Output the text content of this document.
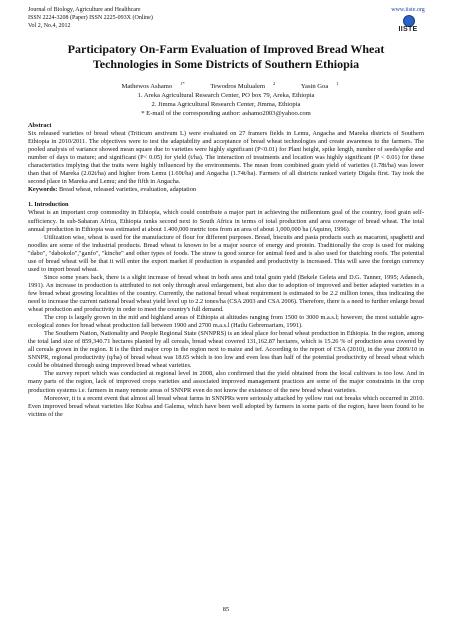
Journal of Biology, Agriculture and Healthcare
ISSN 2224-3208 (Paper) ISSN 2225-093X (Online)
Vol 2, No.4, 2012
www.iiste.org
IISTE
Participatory On-Farm Evaluation of Improved Bread Wheat Technologies in Some Districts of Southern Ethiopia
Mathewos Ashamo $^{1*}$	Tewodros Mulualem $^2$	Yasin Goa $^1$
1. Areka Agricultural Research Center, PO box 79, Areka, Ethiopia
2. Jimma Agricultural Research Center, Jimma, Ethiopia
* E-mail of the corresponding author: ashamo2003@yahoo.com

Abstract

Six released varieties of bread wheat (Triticum aestivum L) were evaluated on 27 framers fields in Lemu, Angacha and Mareka districts of Southern Ethiopia in 2010/2011. The objectives were to test the adaptability and acceptance of bread wheat technologies and create awareness to the farmers. The pooled analysis of variance showed mean square due to varieties were highly significant (P<0.01) for Plant height, spike length, number of seeds/spike and number of days to mature; and significant (P< 0.05) for yield (t/ha). The interaction of treatments and location was highly significant (P < 0.01) for these characteristics implying that the traits were highly influenced by the environments. The mean from combined grain yield of varieties (1.78t/ha) was lower than that of Mareka (2.02t/ha) and higher from Lemu (1.69t/ha) and Angacha (1.74t/ha). Farmers of all districts ranked variety Digalu first. Tay took the second place in Mareka and Lemu; and the fifth in Angacha.

Keywords: Bread wheat, released varieties, evaluation, adaptation

1. Introduction

Wheat is an important crop commodity in Ethiopia, which could contribute a major part in achieving the millennium goal of the country, food grain self-sufficiency. In sub-Saharan Africa, Ethiopia ranks second next to South Africa in terms of total production and area coverage of bread wheat. The total annual production in Ethiopia was estimated at about 1.400,000 metric tons from an area of about 1,000,000 ha (Aquino, 1996).

Utilization wise, wheat is used for the manufacture of flour for different purposes. Bread, biscuits and pasta products such as macaroni, spaghetti and noodles are some of the industrial products. Bread wheat is known to be a major source of energy and protein. Traditionally the crop is used for making "dabo", "dabokolo","ganfo", "kinche" and other types of foods. The straw is good source for animal feed and is also used for thatching roofs. The potential use of bread wheat will be that it will enter the export market if production is expanded and productivity is increased. This will save the foreign currency used to import bread wheat.

Since some years back, there is a slight increase of bread wheat in both area and total grain yield (Bekele Geleta and D.G. Tanner, 1995; Adanech, 1991). An increase in production is attributed to not only through areal enlargement, but also due to adoption of improved and better adapted varieties in a few bread wheat growing localities of the country. Currently, the national bread wheat requirement is estimated to be 2.2 million tones, thus indicating the need to increase the current national bread wheat yield level up to 2.2 tones/ha (CSA 2003 and CSA 2006). Therefore, there is a need to further enlarge bread wheat production and productivity in order to meet the country's full demand.

The crop is largely grown in the mid and highland areas of Ethiopia at altitudes ranging from 1500 to 3000 m.a.s.l; however, the most suitable agro-ecological zones for bread wheat production fall between 1900 and 2700 m.a.s.l (Hailu Gebremariam, 1991).

The Southern Nation, Nationality and People Regional State (SNNPRS) is an ideal place for bread wheat production in Ethiopia. In the region, among the total land size of 859,340.71 hectares planted by all cereals, bread wheat covered 131,162.87 hectares, which is 15.26 % of production area covered by all cereals grown in the region. It is the third major crop in the region next to maize and tef. According to the report of CSA (2010), in the year 2009/10 in SNNPR, regional productivity (q/ha) of bread wheat was 18.65 which is too low and even less than half of the potential productivity of bread wheat which could be obtained through using improved bread wheat varieties.

The survey report which was conducted at regional level in 2008, also confirmed that the yield obtained from the local cultivars is too low. And in many parts of the region, lack of improved crops varieties and associated improved management practices are some of the major constraints in the crop production systems i.e. farmers in many remote areas of SNNPR even do not know the existence of the new bread wheat varieties.

Moreover, it is a recent event that almost all bread wheat farms in SNNPRs were seriously attacked by yellow rust out breaks which occurred in 2010. Even improved bread wheat varieties like Kubsa and Galema, which have been well adopted by farmers in some parts of the region, have been found to be victims of the

85
